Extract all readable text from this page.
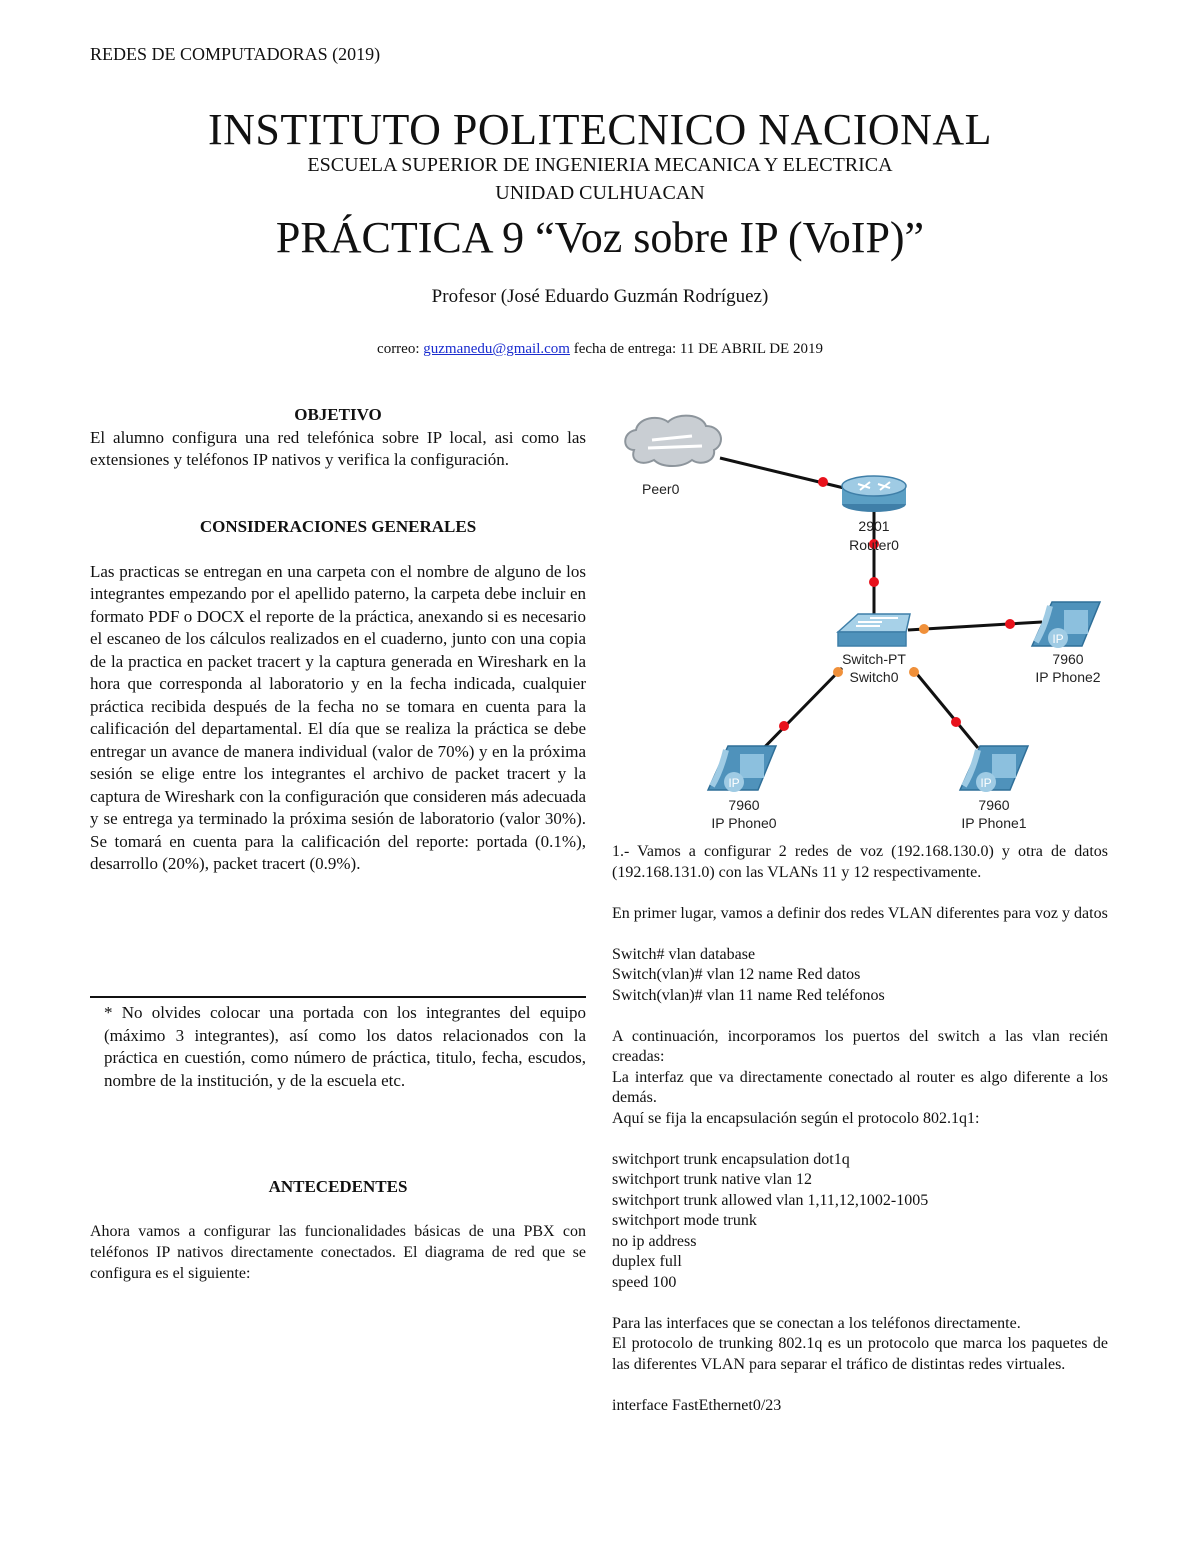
REDES DE COMPUTADORAS (2019)
INSTITUTO POLITECNICO NACIONAL
ESCUELA SUPERIOR DE INGENIERIA MECANICA Y ELECTRICA
UNIDAD CULHUACAN
PRÁCTICA 9 “Voz sobre IP (VoIP)”
Profesor (José Eduardo Guzmán Rodríguez)
correo: guzmanedu@gmail.com fecha de entrega: 11 DE ABRIL DE 2019
OBJETIVO
El alumno configura una red telefónica sobre IP local, asi como las extensiones y teléfonos IP nativos y verifica la configuración.
CONSIDERACIONES GENERALES
Las practicas se entregan en una carpeta con el nombre de alguno de los integrantes empezando por el apellido paterno, la carpeta debe incluir en formato PDF o DOCX el reporte de la práctica, anexando si es necesario el escaneo de los cálculos realizados en el cuaderno, junto con una copia de la practica en packet tracert y la captura generada en Wireshark en la hora que corresponda al laboratorio y en la fecha indicada, cualquier práctica recibida después de la fecha no se tomara en cuenta para la calificación del departamental. El día que se realiza la práctica se debe entregar un avance de manera individual (valor de 70%) y en la próxima sesión se elige entre los integrantes el archivo de packet tracert y la captura de Wireshark con la configuración que consideren más adecuada y se entrega ya terminado la próxima sesión de laboratorio (valor 30%). Se tomará en cuenta para la calificación del reporte: portada (0.1%), desarrollo (20%), packet tracert (0.9%).

* No olvides colocar una portada con los integrantes del equipo (máximo 3 integrantes), así como los datos relacionados con la práctica en cuestión, como número de práctica, titulo, fecha, escudos, nombre de la institución, y de la escuela etc.

ANTECEDENTES
Ahora vamos a configurar las funcionalidades básicas de una PBX con teléfonos IP nativos directamente conectados. El diagrama de red que se configura es el siguiente:
Peer0
2901
Router0
Switch-PT
Switch0
IP
7960
IP Phone2
IP
7960
IP Phone0
IP
7960
IP Phone1

1.- Vamos a configurar 2 redes de voz (192.168.130.0) y otra de datos (192.168.131.0) con las VLANs 11 y 12 respectivamente.

En primer lugar, vamos a definir dos redes VLAN diferentes para voz y datos

Switch# vlan database

Switch(vlan)# vlan 12 name Red datos

Switch(vlan)# vlan 11 name Red teléfonos

A continuación, incorporamos los puertos del switch a las vlan recién creadas:

La interfaz que va directamente conectado al router es algo diferente a los demás.

Aquí se fija la encapsulación según el protocolo 802.1q1:

switchport trunk encapsulation dot1q

switchport trunk native vlan 12

switchport trunk allowed vlan 1,11,12,1002-1005

switchport mode trunk

no ip address

duplex full

speed 100

Para las interfaces que se conectan a los teléfonos directamente.

El protocolo de trunking 802.1q es un protocolo que marca los paquetes de las diferentes VLAN para separar el tráfico de distintas redes virtuales.

interface FastEthernet0/23
